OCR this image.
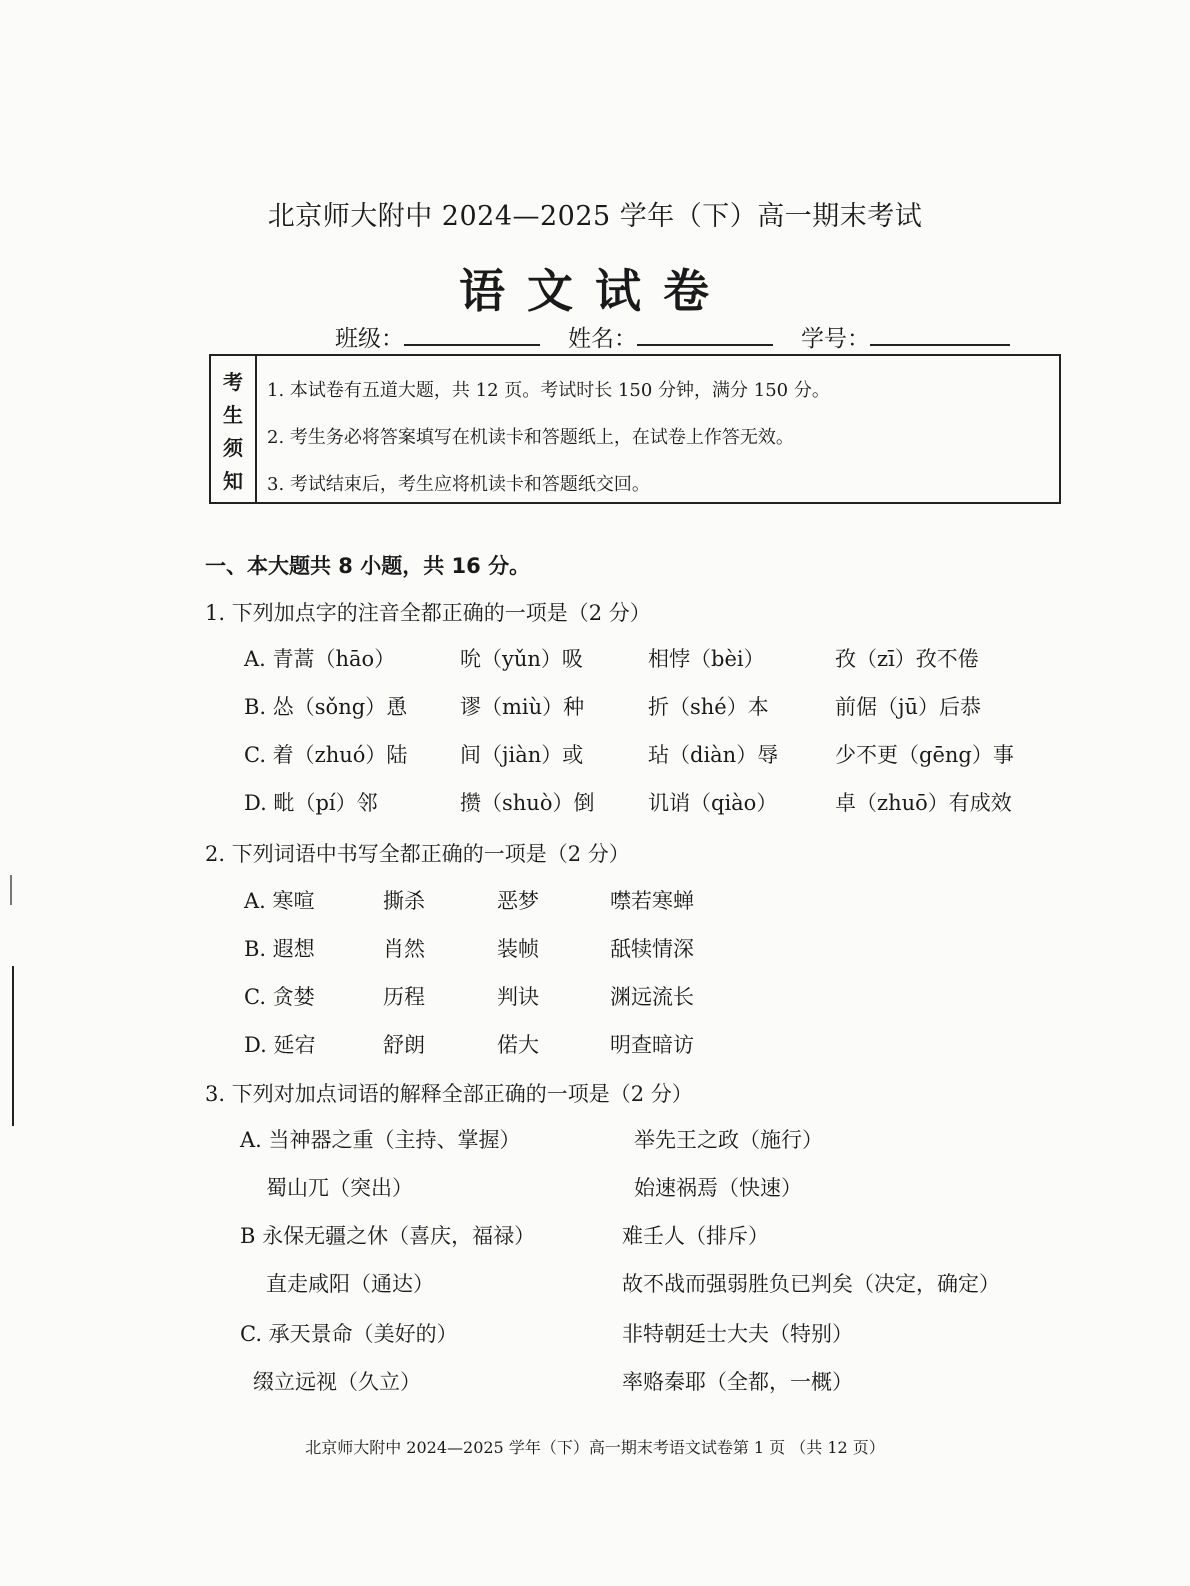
北京师大附中 2024—2025 学年（下）高一期末考试
语文试卷
班级：	姓名：	学号：
考
生
须
知
1. 本试卷有五道大题，共 12 页。考试时长 150 分钟，满分 150 分。
2. 考生务必将答案填写在机读卡和答题纸上，在试卷上作答无效。
3. 考试结束后，考生应将机读卡和答题纸交回。
一、本大题共 8 小题，共 16 分。
1. 下列加点字的注音全都正确的一项是（2 分）
A. 青蒿（hāo）	吮（yǔn）吸	相悖（bèi）	孜（zī）孜不倦
B. 怂（sǒng）恿	谬（miù）种	折（shé）本	前倨（jū）后恭
C. 着（zhuó）陆	间（jiàn）或	玷（diàn）辱	少不更（gēng）事
D. 毗（pí）邻	攒（shuò）倒	讥诮（qiào）	卓（zhuō）有成效
2. 下列词语中书写全都正确的一项是（2 分）
A. 寒喧	撕杀	恶梦	噤若寒蝉
B. 遐想	肖然	装帧	舐犊情深
C. 贪婪	历程	判诀	渊远流长
D. 延宕	舒朗	偌大	明查暗访
3. 下列对加点词语的解释全部正确的一项是（2 分）
A. 当神器之重（主持、掌握）	举先王之政（施行）
蜀山兀（突出）	始速祸焉（快速）
B 永保无疆之休（喜庆，福禄）	难壬人（排斥）
直走咸阳（通达）	故不战而强弱胜负已判矣（决定，确定）
C. 承天景命（美好的）	非特朝廷士大夫（特别）
缀立远视（久立）	率赂秦耶（全都，一概）
北京师大附中 2024—2025 学年（下）高一期末考语文试卷第 1 页 （共 12 页）
